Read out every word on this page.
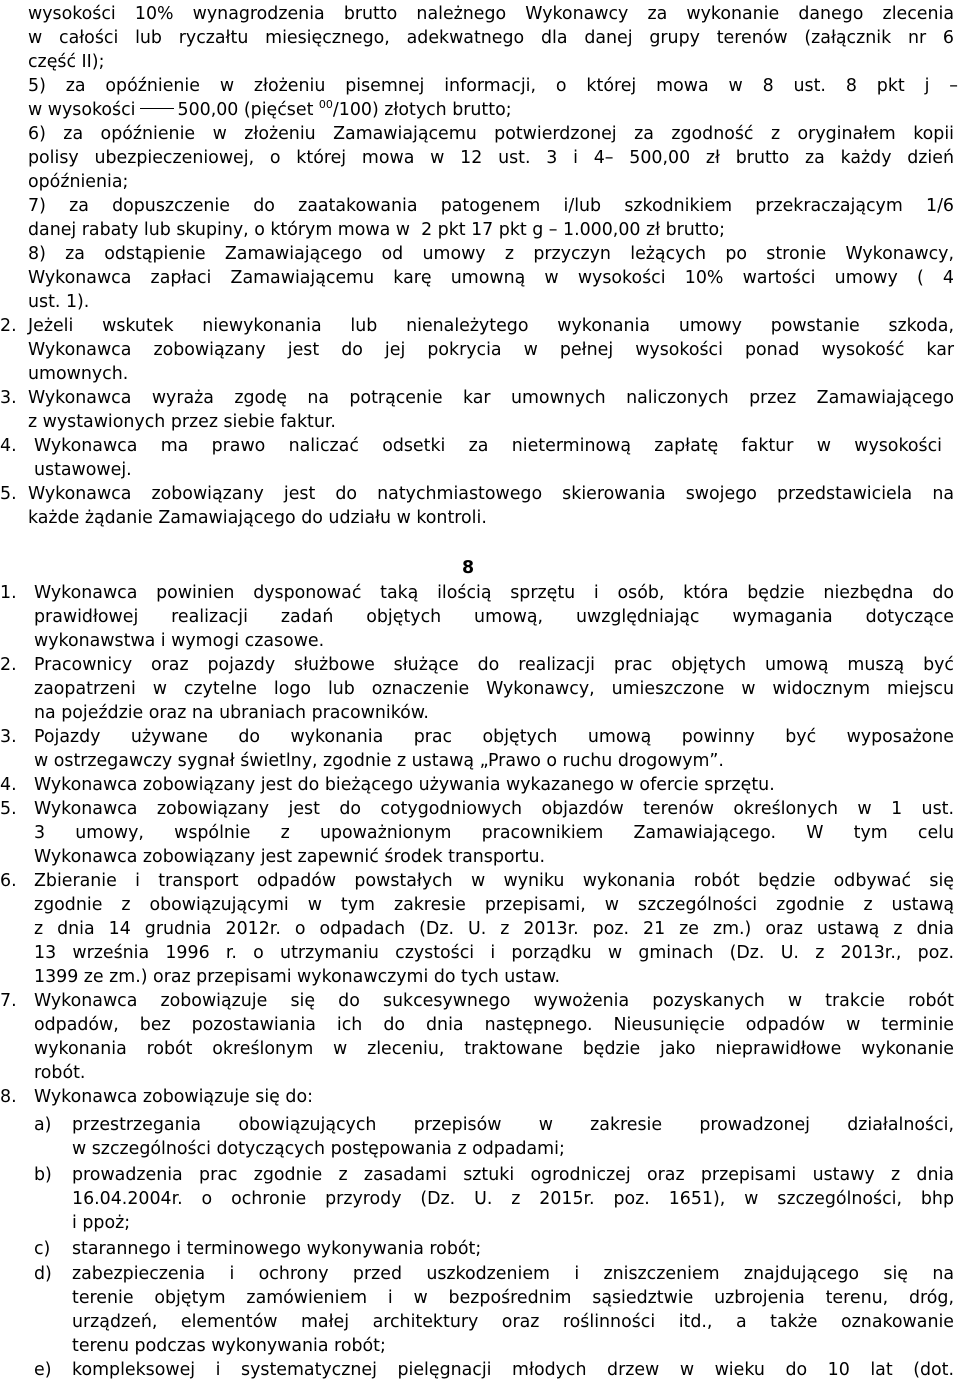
wysokości 10% wynagrodzenia brutto należnego Wykonawcy za wykonanie danego zlecenia
w całości lub ryczałtu miesięcznego, adekwatnego dla danej grupy terenów (załącznik nr 6
część II);
5) za opóźnienie w złożeniu pisemnej informacji, o której mowa w 8 ust. 8 pkt j –
w wysokości 500,00 (pięćset $^{00}$/100) złotych brutto;
6) za opóźnienie w złożeniu Zamawiającemu potwierdzonej za zgodność z oryginałem kopii
polisy ubezpieczeniowej, o której mowa w 12 ust. 3 i 4– 500,00 zł brutto za każdy dzień
opóźnienia;
7) za dopuszczenie do zaatakowania patogenem i/lub szkodnikiem przekraczającym 1/6
danej rabaty lub skupiny, o którym mowa w  2 pkt 17 pkt g – 1.000,00 zł brutto;
8) za odstąpienie Zamawiającego od umowy z przyczyn leżących po stronie Wykonawcy,
Wykonawca zapłaci Zamawiającemu karę umowną w wysokości 10% wartości umowy ( 4
ust. 1).
2. Jeżeli wskutek niewykonania lub nienależytego wykonania umowy powstanie szkoda,
Wykonawca zobowiązany jest do jej pokrycia w pełnej wysokości ponad wysokość kar
umownych.
3. Wykonawca wyraża zgodę na potrącenie kar umownych naliczonych przez Zamawiającego
z wystawionych przez siebie faktur.
4. Wykonawca ma prawo naliczać odsetki za nieterminową zapłatę faktur w wysokości
ustawowej.
5. Wykonawca zobowiązany jest do natychmiastowego skierowania swojego przedstawiciela na
każde żądanie Zamawiającego do udziału w kontroli.
8
1. Wykonawca powinien dysponować taką ilością sprzętu i osób, która będzie niezbędna do
prawidłowej realizacji zadań objętych umową, uwzględniając wymagania dotyczące
wykonawstwa i wymogi czasowe.
2. Pracownicy oraz pojazdy służbowe służące do realizacji prac objętych umową muszą być
zaopatrzeni w czytelne logo lub oznaczenie Wykonawcy, umieszczone w widocznym miejscu
na pojeździe oraz na ubraniach pracowników.
3. Pojazdy używane do wykonania prac objętych umową powinny być wyposażone
w ostrzegawczy sygnał świetlny, zgodnie z ustawą „Prawo o ruchu drogowym”.
4. Wykonawca zobowiązany jest do bieżącego używania wykazanego w ofercie sprzętu.
5. Wykonawca zobowiązany jest do cotygodniowych objazdów terenów określonych w 1 ust.
3 umowy, wspólnie z upoważnionym pracownikiem Zamawiającego. W tym celu
Wykonawca zobowiązany jest zapewnić środek transportu.
6. Zbieranie i transport odpadów powstałych w wyniku wykonania robót będzie odbywać się
zgodnie z obowiązującymi w tym zakresie przepisami, w szczególności zgodnie z ustawą
z dnia 14 grudnia 2012r. o odpadach (Dz. U. z 2013r. poz. 21 ze zm.) oraz ustawą z dnia
13 września 1996 r. o utrzymaniu czystości i porządku w gminach (Dz. U. z 2013r., poz.
1399 ze zm.) oraz przepisami wykonawczymi do tych ustaw.
7. Wykonawca zobowiązuje się do sukcesywnego wywożenia pozyskanych w trakcie robót
odpadów, bez pozostawiania ich do dnia następnego. Nieusunięcie odpadów w terminie
wykonania robót określonym w zleceniu, traktowane będzie jako nieprawidłowe wykonanie
robót.
8. Wykonawca zobowiązuje się do:
a) przestrzegania obowiązujących przepisów w zakresie prowadzonej działalności,
w szczególności dotyczących postępowania z odpadami;
b) prowadzenia prac zgodnie z zasadami sztuki ogrodniczej oraz przepisami ustawy z dnia
16.04.2004r. o ochronie przyrody (Dz. U. z 2015r. poz. 1651), w szczególności, bhp
i ppoż;
c) starannego i terminowego wykonywania robót;
d) zabezpieczenia i ochrony przed uszkodzeniem i zniszczeniem znajdującego się na
terenie objętym zamówieniem i w bezpośrednim sąsiedztwie uzbrojenia terenu, dróg,
urządzeń, elementów małej architektury oraz roślinności itd., a także oznakowanie
terenu podczas wykonywania robót;
e) kompleksowej i systematycznej pielęgnacji młodych drzew w wieku do 10 lat (dot.
